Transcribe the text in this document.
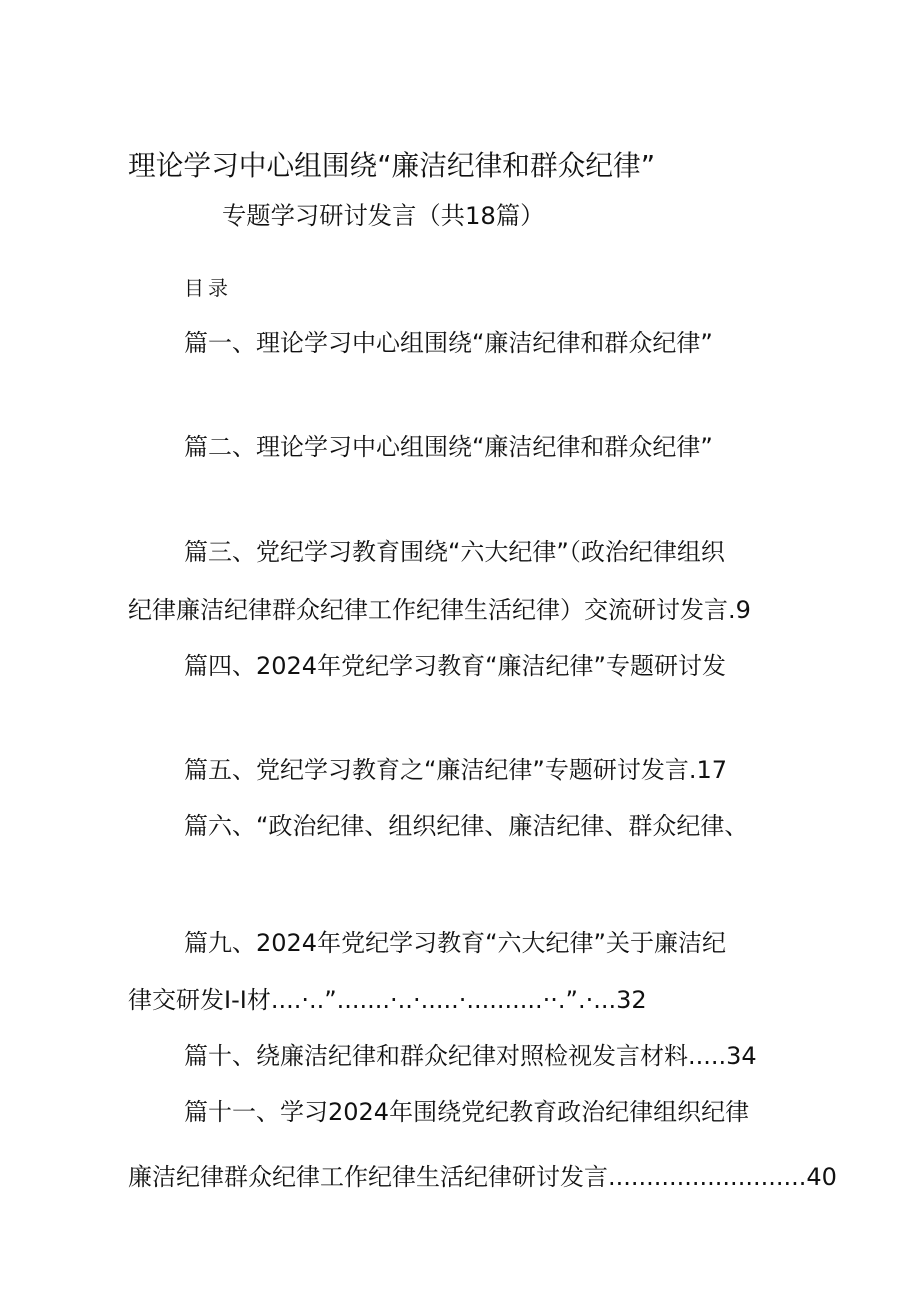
理论学习中心组围绕“廉洁纪律和群众纪律”
专题学习研讨发言（共18篇）
目录
篇一、理论学习中心组围绕“廉洁纪律和群众纪律”
篇二、理论学习中心组围绕“廉洁纪律和群众纪律”
篇三、党纪学习教育围绕“六大纪律”（政治纪律组织
纪律廉洁纪律群众纪律工作纪律生活纪律）交流研讨发言.9
篇四、2024年党纪学习教育“廉洁纪律”专题研讨发
篇五、党纪学习教育之“廉洁纪律”专题研讨发言.17
篇六、“政治纪律、组织纪律、廉洁纪律、群众纪律、
篇九、2024年党纪学习教育“六大纪律”关于廉洁纪
律交研发I-I材....·..”.......·..·.....·..........··.”.·...32
篇十、绕廉洁纪律和群众纪律对照检视发言材料.....34
篇十一、学习2024年围绕党纪教育政治纪律组织纪律
廉洁纪律群众纪律工作纪律生活纪律研讨发言..........................40
